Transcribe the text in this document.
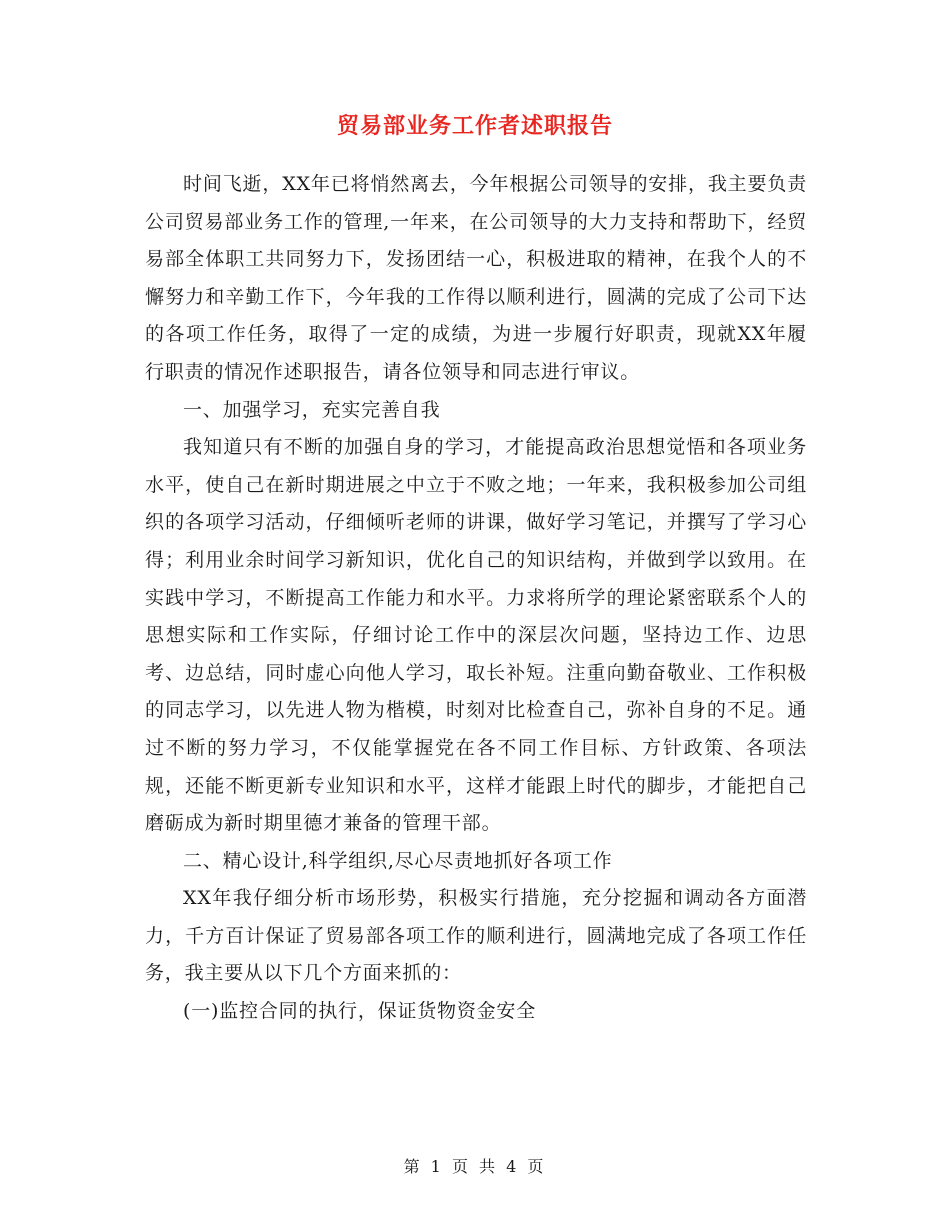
贸易部业务工作者述职报告

时间飞逝，XX年已将悄然离去，今年根据公司领导的安排，我主要负责公司贸易部业务工作的管理,一年来，在公司领导的大力支持和帮助下，经贸易部全体职工共同努力下，发扬团结一心，积极进取的精神，在我个人的不懈努力和辛勤工作下，今年我的工作得以顺利进行，圆满的完成了公司下达的各项工作任务，取得了一定的成绩，为进一步履行好职责，现就XX年履行职责的情况作述职报告，请各位领导和同志进行审议。

一、加强学习，充实完善自我

我知道只有不断的加强自身的学习，才能提高政治思想觉悟和各项业务水平，使自己在新时期进展之中立于不败之地；一年来，我积极参加公司组织的各项学习活动，仔细倾听老师的讲课，做好学习笔记，并撰写了学习心得；利用业余时间学习新知识，优化自己的知识结构，并做到学以致用。在实践中学习，不断提高工作能力和水平。力求将所学的理论紧密联系个人的思想实际和工作实际，仔细讨论工作中的深层次问题，坚持边工作、边思考、边总结，同时虚心向他人学习，取长补短。注重向勤奋敬业、工作积极的同志学习，以先进人物为楷模，时刻对比检查自己，弥补自身的不足。通过不断的努力学习，不仅能掌握党在各不同工作目标、方针政策、各项法规，还能不断更新专业知识和水平，这样才能跟上时代的脚步，才能把自己磨砺成为新时期里德才兼备的管理干部。

二、精心设计,科学组织,尽心尽责地抓好各项工作

XX年我仔细分析市场形势，积极实行措施，充分挖掘和调动各方面潜力，千方百计保证了贸易部各项工作的顺利进行，圆满地完成了各项工作任务，我主要从以下几个方面来抓的：

(一)监控合同的执行，保证货物资金安全

第 1 页 共 4 页
